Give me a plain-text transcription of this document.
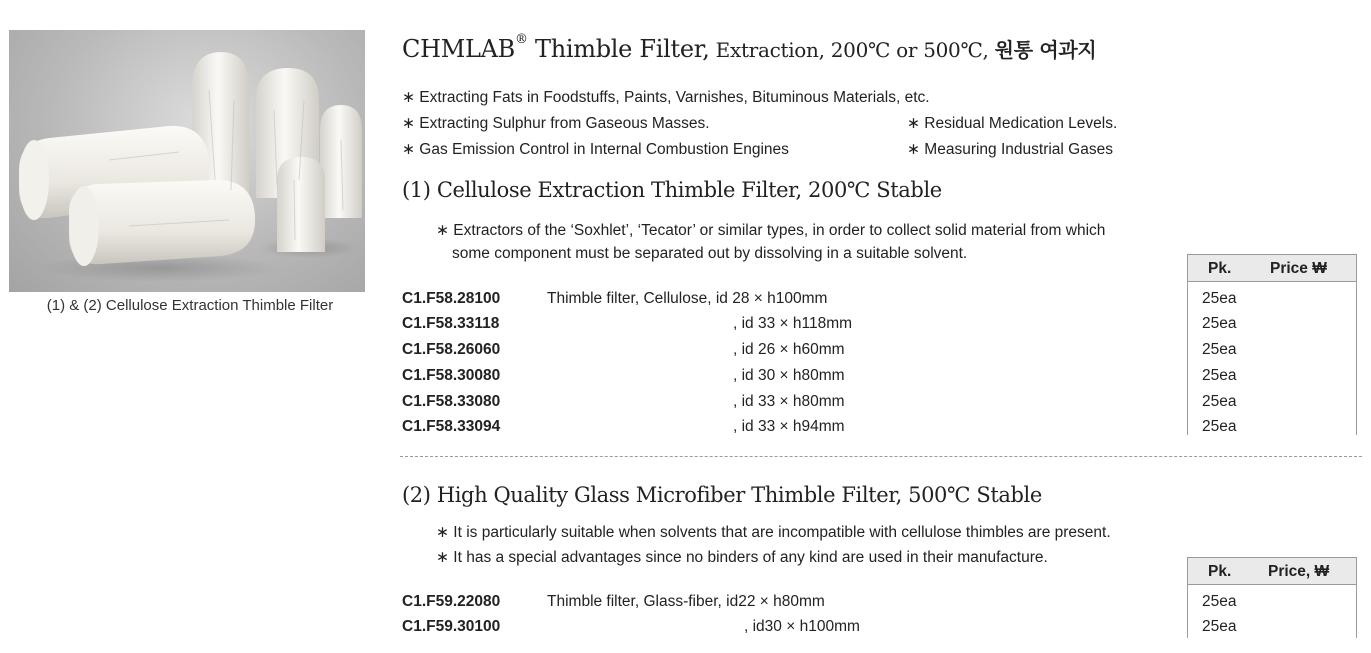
(1) & (2) Cellulose Extraction Thimble Filter
CHMLAB® Thimble Filter, Extraction, 200℃ or 500℃, 원통 여과지
∗ Extracting Fats in Foodstuffs, Paints, Varnishes, Bituminous Materials, etc.
∗ Extracting Sulphur from Gaseous Masses.	∗ Residual Medication Levels.
∗ Gas Emission Control in Internal Combustion Engines	∗ Measuring Industrial Gases
(1) Cellulose Extraction Thimble Filter, 200℃ Stable
∗ Extractors of the ‘Soxhlet’, ‘Tecator’ or similar types, in order to collect solid material from which
some component must be separated out by dissolving in a suitable solvent.
Pk. Price ₩
C1.F58.28100	Thimble filter, Cellulose, id 28 × h100mm	25ea
C1.F58.33118	, id 33 × h118mm	25ea
C1.F58.26060	, id 26 × h60mm	25ea
C1.F58.30080	, id 30 × h80mm	25ea
C1.F58.33080	, id 33 × h80mm	25ea
C1.F58.33094	, id 33 × h94mm	25ea
(2) High Quality Glass Microfiber Thimble Filter, 500℃ Stable
∗ It is particularly suitable when solvents that are incompatible with cellulose thimbles are present.
∗ It has a special advantages since no binders of any kind are used in their manufacture.
Pk. Price, ₩
C1.F59.22080	Thimble filter, Glass-fiber, id22 × h80mm	25ea
C1.F59.30100	, id30 × h100mm	25ea
